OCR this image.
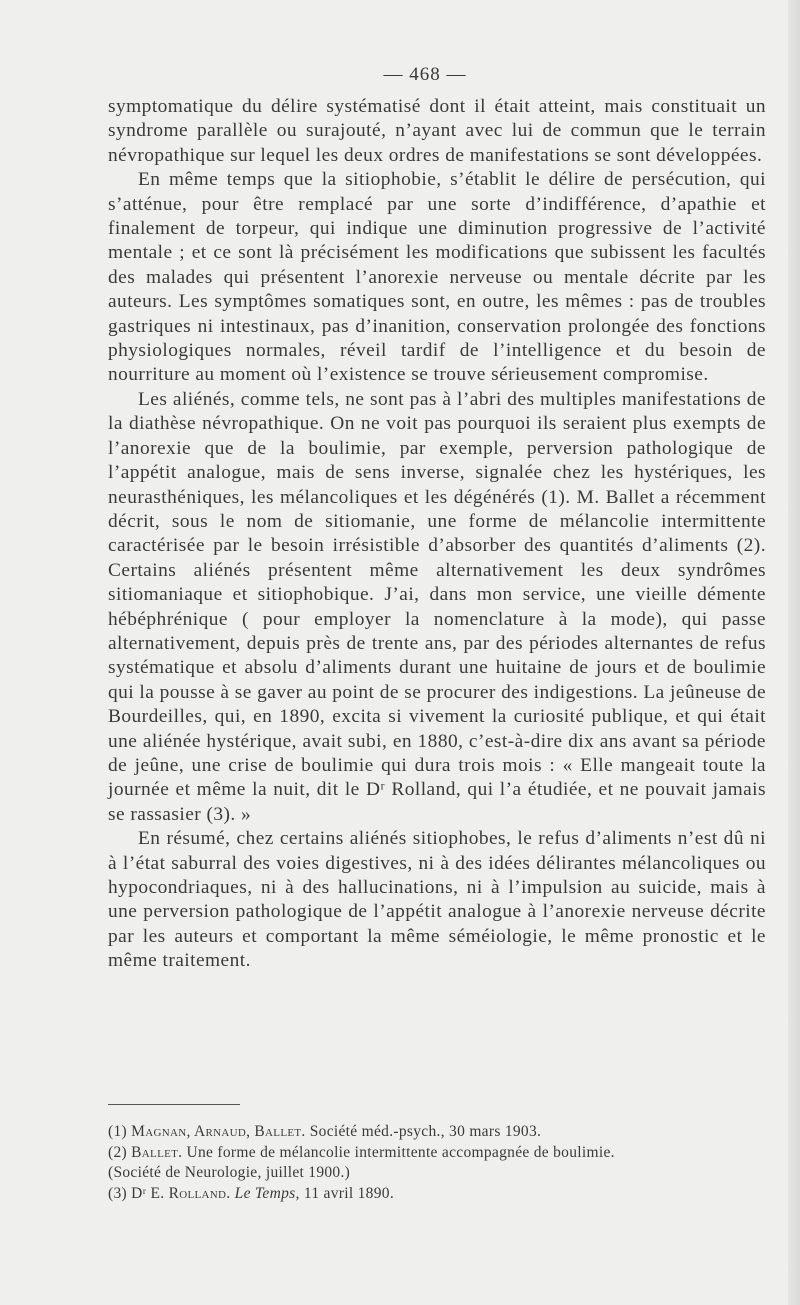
— 468 —

symptomatique du délire systématisé dont il était atteint, mais constituait un syndrome parallèle ou surajouté, n’ayant avec lui de commun que le terrain névropathique sur lequel les deux ordres de manifestations se sont développées.

En même temps que la sitiophobie, s’établit le délire de persécution, qui s’atténue, pour être remplacé par une sorte d’indifférence, d’apathie et finalement de torpeur, qui indique une diminution progressive de l’activité mentale ; et ce sont là précisément les modifications que subissent les facultés des malades qui présentent l’anorexie nerveuse ou mentale décrite par les auteurs. Les symptômes somatiques sont, en outre, les mêmes : pas de troubles gastriques ni intestinaux, pas d’inanition, conservation prolongée des fonctions physiologiques normales, réveil tardif de l’intelligence et du besoin de nourriture au moment où l’existence se trouve sérieusement compromise.

Les aliénés, comme tels, ne sont pas à l’abri des multiples manifestations de la diathèse névropathique. On ne voit pas pourquoi ils seraient plus exempts de l’anorexie que de la boulimie, par exemple, perversion pathologique de l’appétit analogue, mais de sens inverse, signalée chez les hystériques, les neurasthéniques, les mélancoliques et les dégénérés (1). M. Ballet a récemment décrit, sous le nom de sitiomanie, une forme de mélancolie intermittente caractérisée par le besoin irrésistible d’absorber des quantités d’aliments (2). Certains aliénés présentent même alternativement les deux syndrômes sitiomaniaque et sitiophobique. J’ai, dans mon service, une vieille démente hébéphrénique ( pour employer la nomenclature à la mode), qui passe alternativement, depuis près de trente ans, par des périodes alternantes de refus systématique et absolu d’aliments durant une huitaine de jours et de boulimie qui la pousse à se gaver au point de se procurer des indigestions. La jeûneuse de Bourdeilles, qui, en 1890, excita si vivement la curiosité publique, et qui était une aliénée hystérique, avait subi, en 1880, c’est-à-dire dix ans avant sa période de jeûne, une crise de boulimie qui dura trois mois : « Elle mangeait toute la journée et même la nuit, dit le Dʳ Rolland, qui l’a étudiée, et ne pouvait jamais se rassasier (3). »

En résumé, chez certains aliénés sitiophobes, le refus d’aliments n’est dû ni à l’état saburral des voies digestives, ni à des idées délirantes mélancoliques ou hypocondriaques, ni à des hallucinations, ni à l’impulsion au suicide, mais à une perversion pathologique de l’appétit analogue à l’anorexie nerveuse décrite par les auteurs et comportant la même séméiologie, le même pronostic et le même traitement.

(1) Magnan, Arnaud, Ballet. Société méd.-psych., 30 mars 1903.

(2) Ballet. Une forme de mélancolie intermittente accompagnée de boulimie.
(Société de Neurologie, juillet 1900.)

(3) Dʳ E. Rolland. Le Temps, 11 avril 1890.
